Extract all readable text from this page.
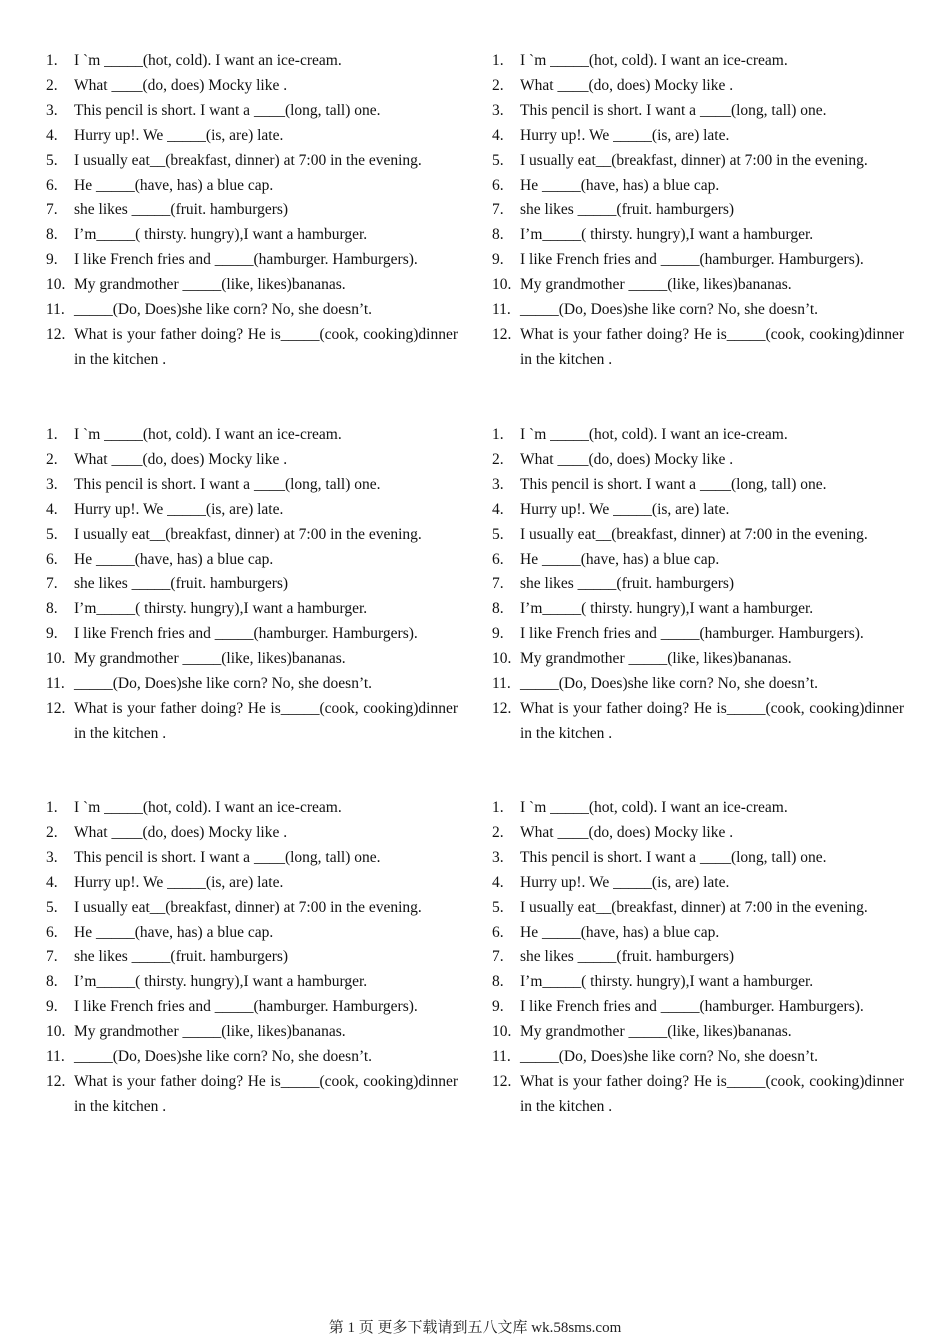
1.	I `m _____(hot, cold). I want an ice-cream.
2.	What ____(do, does) Mocky like .
3.	This pencil is short. I want a ____(long, tall) one.
4.	Hurry up!. We _____(is, are) late.
5.	I usually eat__(breakfast, dinner) at 7:00 in the evening.
6.	He _____(have, has) a blue cap.
7.	she likes _____(fruit. hamburgers)
8.	I’m_____( thirsty. hungry),I want a hamburger.
9.	I like French fries and _____(hamburger. Hamburgers).
10. My grandmother _____(like, likes)bananas.
11. _____(Do, Does)she like corn? No, she doesn’t.
12. What is your father doing? He is_____(cook, cooking)dinner in the kitchen .
1.	I `m _____(hot, cold). I want an ice-cream.
2.	What ____(do, does) Mocky like .
3.	This pencil is short. I want a ____(long, tall) one.
4.	Hurry up!. We _____(is, are) late.
5.	I usually eat__(breakfast, dinner) at 7:00 in the evening.
6.	He _____(have, has) a blue cap.
7.	she likes _____(fruit. hamburgers)
8.	I’m_____( thirsty. hungry),I want a hamburger.
9.	I like French fries and _____(hamburger. Hamburgers).
10. My grandmother _____(like, likes)bananas.
11. _____(Do, Does)she like corn? No, she doesn’t.
12. What is your father doing? He is_____(cook, cooking)dinner in the kitchen .
1.	I `m _____(hot, cold). I want an ice-cream.
2.	What ____(do, does) Mocky like .
3.	This pencil is short. I want a ____(long, tall) one.
4.	Hurry up!. We _____(is, are) late.
5.	I usually eat__(breakfast, dinner) at 7:00 in the evening.
6.	He _____(have, has) a blue cap.
7.	she likes _____(fruit. hamburgers)
8.	I’m_____( thirsty. hungry),I want a hamburger.
9.	I like French fries and _____(hamburger. Hamburgers).
10. My grandmother _____(like, likes)bananas.
11. _____(Do, Does)she like corn? No, she doesn’t.
12. What is your father doing? He is_____(cook, cooking)dinner in the kitchen .
1.	I `m _____(hot, cold). I want an ice-cream.
2.	What ____(do, does) Mocky like .
3.	This pencil is short. I want a ____(long, tall) one.
4.	Hurry up!. We _____(is, are) late.
5.	I usually eat__(breakfast, dinner) at 7:00 in the evening.
6.	He _____(have, has) a blue cap.
7.	she likes _____(fruit. hamburgers)
8.	I’m_____( thirsty. hungry),I want a hamburger.
9.	I like French fries and _____(hamburger. Hamburgers).
10. My grandmother _____(like, likes)bananas.
11. _____(Do, Does)she like corn? No, she doesn’t.
12. What is your father doing? He is_____(cook, cooking)dinner in the kitchen .
1.	I `m _____(hot, cold). I want an ice-cream.
2.	What ____(do, does) Mocky like .
3.	This pencil is short. I want a ____(long, tall) one.
4.	Hurry up!. We _____(is, are) late.
5.	I usually eat__(breakfast, dinner) at 7:00 in the evening.
6.	He _____(have, has) a blue cap.
7.	she likes _____(fruit. hamburgers)
8.	I’m_____( thirsty. hungry),I want a hamburger.
9.	I like French fries and _____(hamburger. Hamburgers).
10. My grandmother _____(like, likes)bananas.
11. _____(Do, Does)she like corn? No, she doesn’t.
12. What is your father doing? He is_____(cook, cooking)dinner in the kitchen .
1.	I `m _____(hot, cold). I want an ice-cream.
2.	What ____(do, does) Mocky like .
3.	This pencil is short. I want a ____(long, tall) one.
4.	Hurry up!. We _____(is, are) late.
5.	I usually eat__(breakfast, dinner) at 7:00 in the evening.
6.	He _____(have, has) a blue cap.
7.	she likes _____(fruit. hamburgers)
8.	I’m_____( thirsty. hungry),I want a hamburger.
9.	I like French fries and _____(hamburger. Hamburgers).
10. My grandmother _____(like, likes)bananas.
11. _____(Do, Does)she like corn? No, she doesn’t.
12. What is your father doing? He is_____(cook, cooking)dinner in the kitchen .
第 1 页 更多下载请到五八文库 wk.58sms.com
